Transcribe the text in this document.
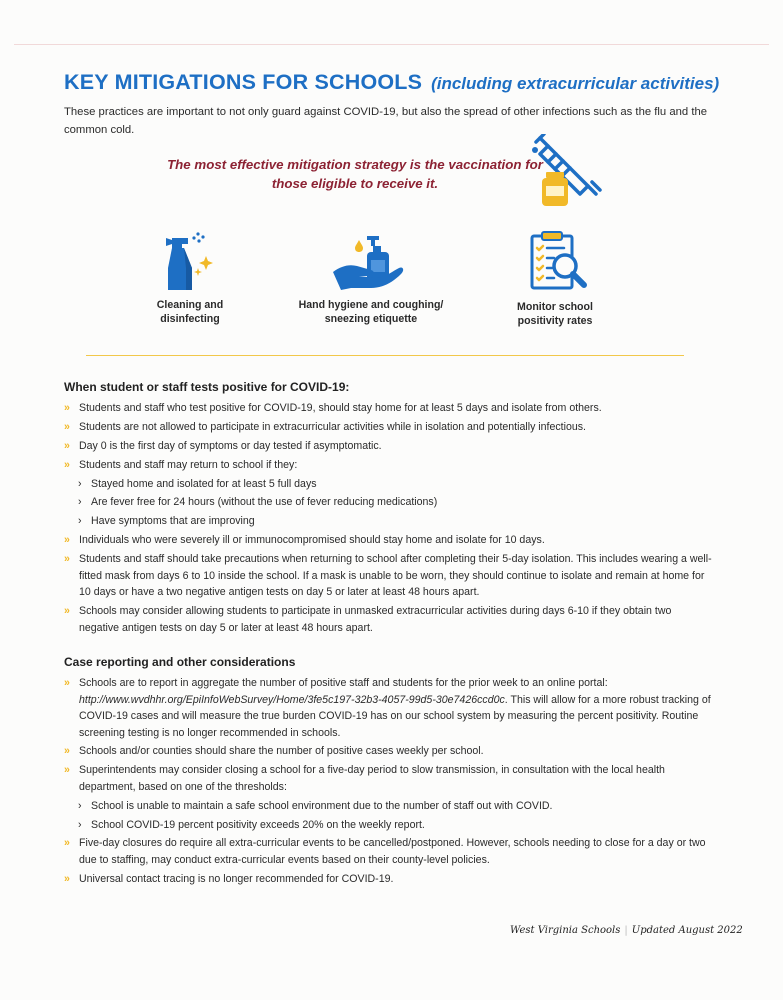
KEY MITIGATIONS FOR SCHOOLS (including extracurricular activities)

These practices are important to not only guard against COVID-19, but also the spread of other infections such as the flu and the common cold.

The most effective mitigation strategy is the vaccination for
those eligible to receive it.

Cleaning and
disinfecting
Hand hygiene and coughing/
sneezing etiquette
Monitor school
positivity rates
When student or staff tests positive for COVID-19:
» Students and staff who test positive for COVID-19, should stay home for at least 5 days and isolate from others.
» Students are not allowed to participate in extracurricular activities while in isolation and potentially infectious.
» Day 0 is the first day of symptoms or day tested if asymptomatic.
» Students and staff may return to school if they:
› Stayed home and isolated for at least 5 full days
› Are fever free for 24 hours (without the use of fever reducing medications)
› Have symptoms that are improving
» Individuals who were severely ill or immunocompromised should stay home and isolate for 10 days.
» Students and staff should take precautions when returning to school after completing their 5-day isolation. This includes wearing a well-fitted mask from days 6 to 10 inside the school. If a mask is unable to be worn, they should continue to isolate and remain at home for 10 days or have a two negative antigen tests on day 5 or later at least 48 hours apart.
» Schools may consider allowing students to participate in unmasked extracurricular activities during days 6-10 if they obtain two negative antigen tests on day 5 or later at least 48 hours apart.
Case reporting and other considerations
» Schools are to report in aggregate the number of positive staff and students for the prior week to an online portal: http://www.wvdhhr.org/EpiInfoWebSurvey/Home/3fe5c197-32b3-4057-99d5-30e7426ccd0c. This will allow for a more robust tracking of COVID-19 cases and will measure the true burden COVID-19 has on our school system by measuring the percent positivity. Routine screening testing is no longer recommended in schools.
» Schools and/or counties should share the number of positive cases weekly per school.
» Superintendents may consider closing a school for a five-day period to slow transmission, in consultation with the local health department, based on one of the thresholds:
› School is unable to maintain a safe school environment due to the number of staff out with COVID.
› School COVID-19 percent positivity exceeds 20% on the weekly report.
» Five-day closures do require all extra-curricular events to be cancelled/postponed. However, schools needing to close for a day or two due to staffing, may conduct extra-curricular events based on their county-level policies.
» Universal contact tracing is no longer recommended for COVID-19.
West Virginia Schools | Updated August 2022
